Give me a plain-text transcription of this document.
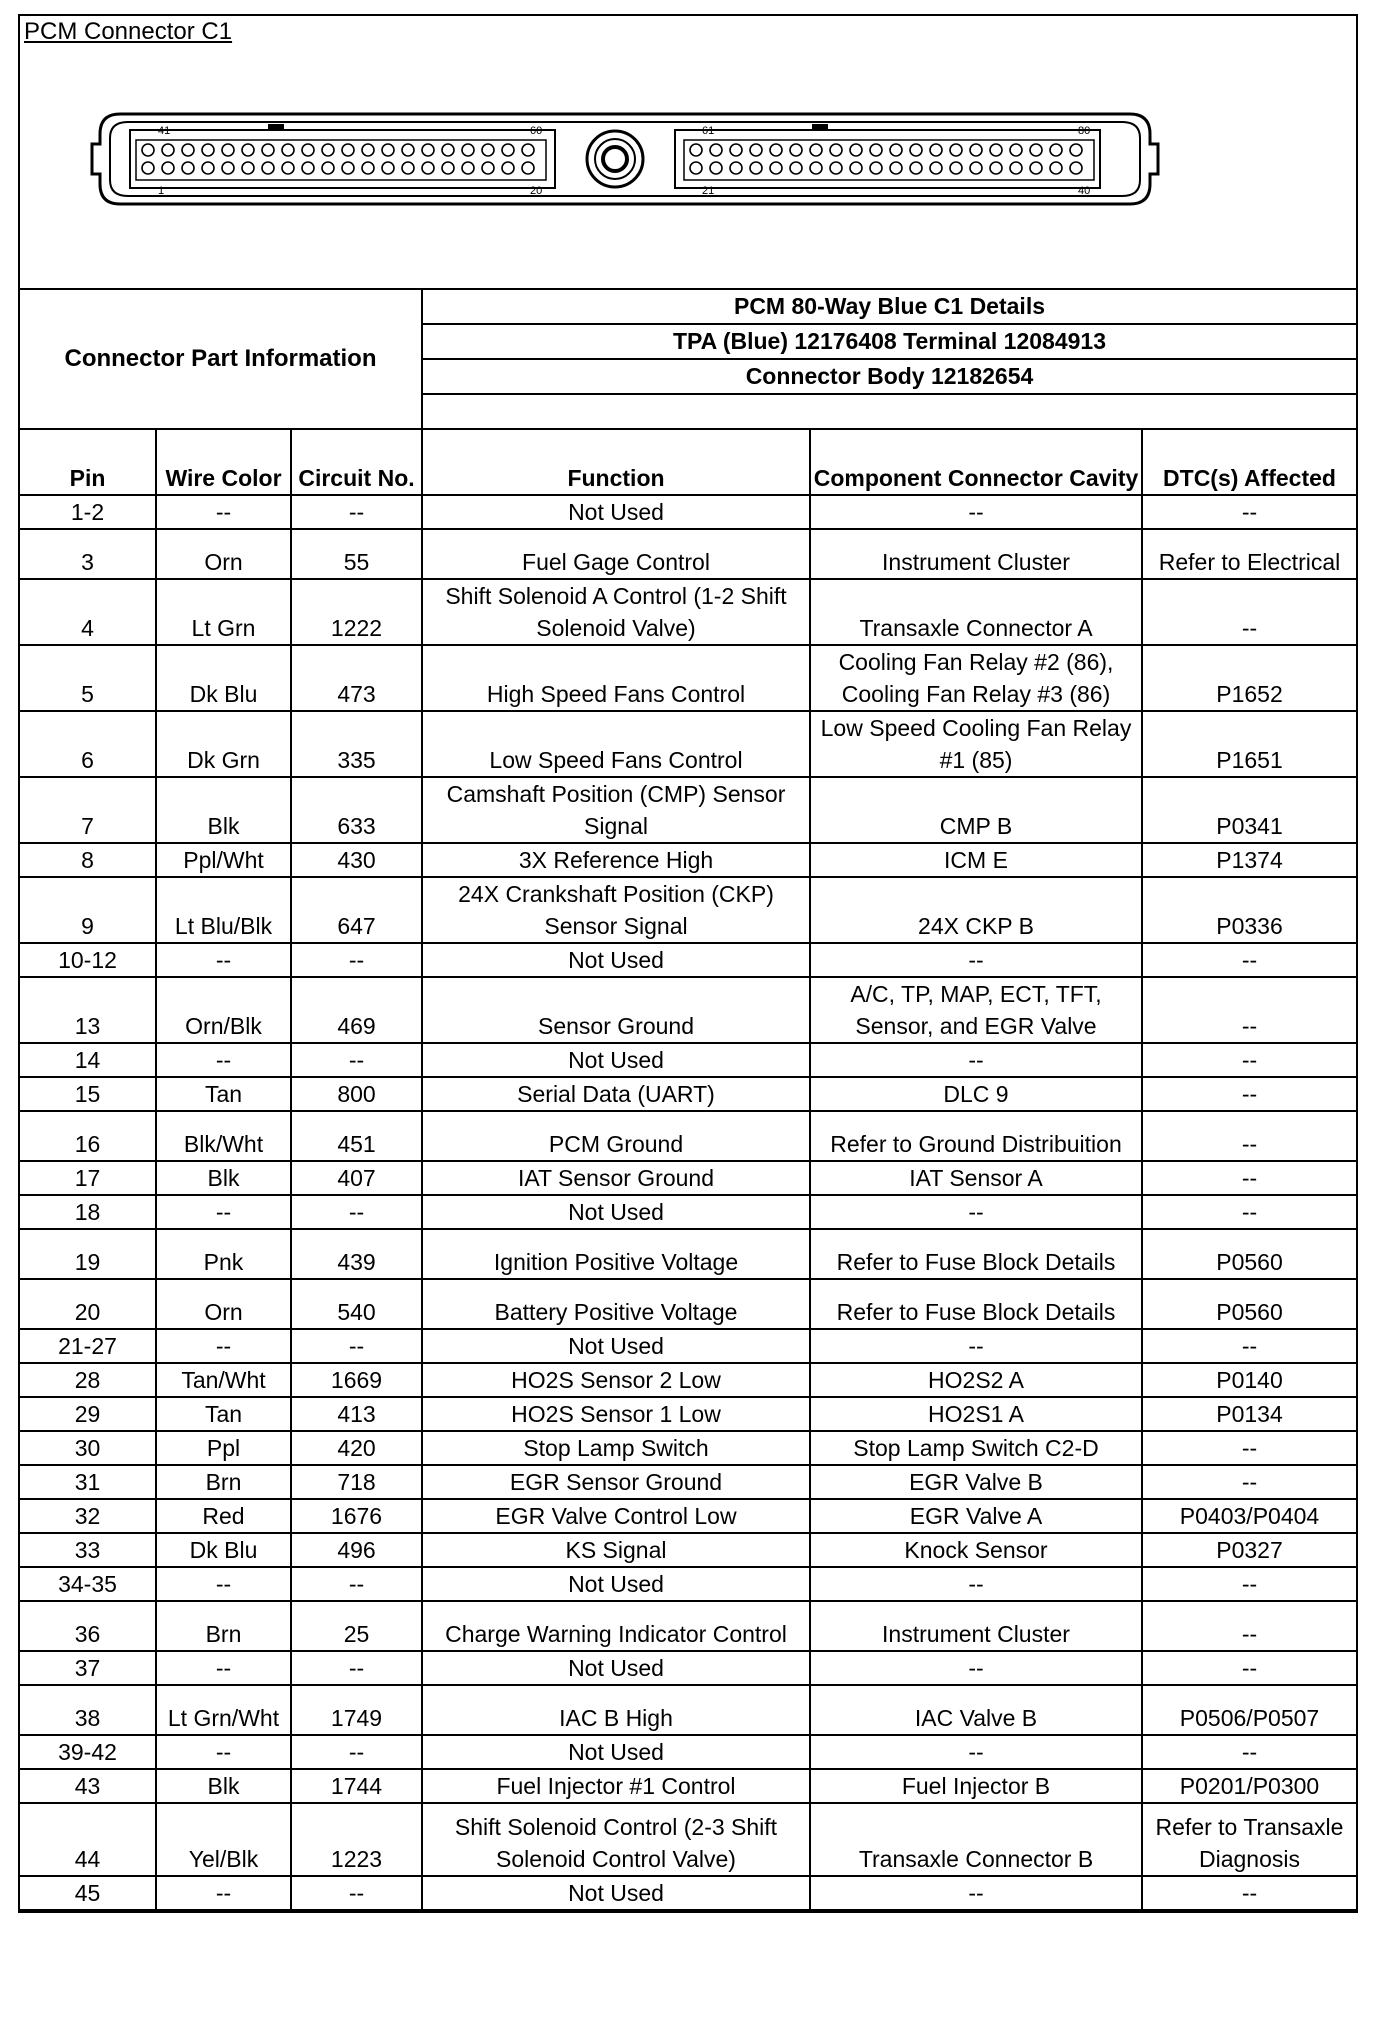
PCM Connector C1
41	60
1	20
61	80
21	40
Connector Part Information	
PCM 80-Way Blue C1 Details
TPA (Blue) 12176408 Terminal 12084913
Connector Body 12182654
Pin	Wire Color	Circuit No.	Function	Component Connector Cavity	DTC(s) Affected
1-2	--	--	Not Used	--	--
3	Orn	55	Fuel Gage Control	Instrument Cluster	Refer to Electrical
4	Lt Grn	1222	Shift Solenoid A Control (1-2 Shift Solenoid Valve)	Transaxle Connector A	--
5	Dk Blu	473	High Speed Fans Control	Cooling Fan Relay #2 (86), Cooling Fan Relay #3 (86)	P1652
6	Dk Grn	335	Low Speed Fans Control	Low Speed Cooling Fan Relay #1 (85)	P1651
7	Blk	633	Camshaft Position (CMP) Sensor Signal	CMP B	P0341
8	Ppl/Wht	430	3X Reference High	ICM E	P1374
9	Lt Blu/Blk	647	24X Crankshaft Position (CKP) Sensor Signal	24X CKP B	P0336
10-12	--	--	Not Used	--	--
13	Orn/Blk	469	Sensor Ground	A/C, TP, MAP, ECT, TFT, Sensor, and EGR Valve	--
14	--	--	Not Used	--	--
15	Tan	800	Serial Data (UART)	DLC 9	--
16	Blk/Wht	451	PCM Ground	Refer to Ground Distribuition	--
17	Blk	407	IAT Sensor Ground	IAT Sensor A	--
18	--	--	Not Used	--	--
19	Pnk	439	Ignition Positive Voltage	Refer to Fuse Block Details	P0560
20	Orn	540	Battery Positive Voltage	Refer to Fuse Block Details	P0560
21-27	--	--	Not Used	--	--
28	Tan/Wht	1669	HO2S Sensor 2 Low	HO2S2 A	P0140
29	Tan	413	HO2S Sensor 1 Low	HO2S1 A	P0134
30	Ppl	420	Stop Lamp Switch	Stop Lamp Switch C2-D	--
31	Brn	718	EGR Sensor Ground	EGR Valve B	--
32	Red	1676	EGR Valve Control Low	EGR Valve A	P0403/P0404
33	Dk Blu	496	KS Signal	Knock Sensor	P0327
34-35	--	--	Not Used	--	--
36	Brn	25	Charge Warning Indicator Control	Instrument Cluster	--
37	--	--	Not Used	--	--
38	Lt Grn/Wht	1749	IAC B High	IAC Valve B	P0506/P0507
39-42	--	--	Not Used	--	--
43	Blk	1744	Fuel Injector #1 Control	Fuel Injector B	P0201/P0300
44	Yel/Blk	1223	Shift Solenoid Control (2-3 Shift Solenoid Control Valve)	Transaxle Connector B	Refer to Transaxle Diagnosis
45	--	--	Not Used	--	--
